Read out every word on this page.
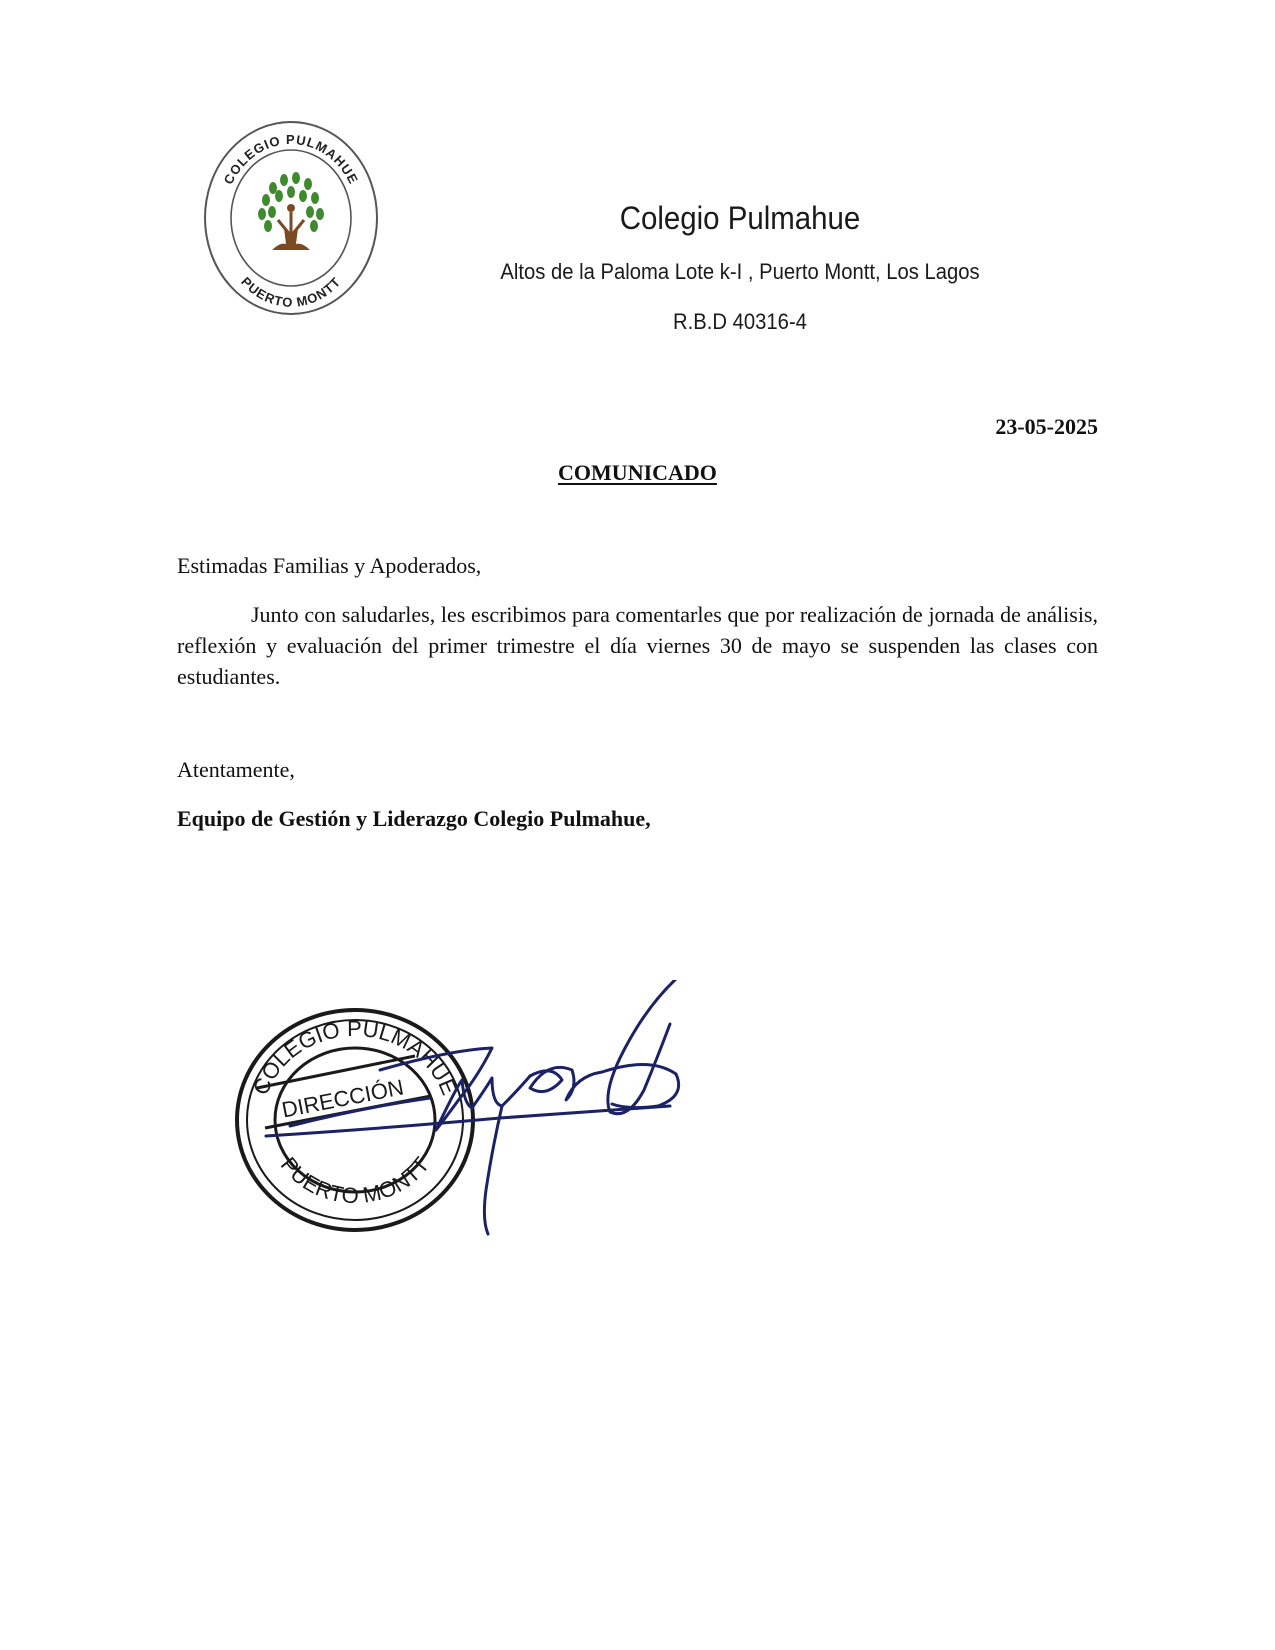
COLEGIO PULMAHUE
PUERTO MONTT
Colegio Pulmahue
Altos de la Paloma Lote k-I , Puerto Montt, Los Lagos
R.B.D 40316-4
23-05-2025
COMUNICADO
Estimadas Familias y Apoderados,

Junto con saludarles, les escribimos para comentarles que por realización de jornada de análisis, reflexión y evaluación del primer trimestre el día viernes 30 de mayo se suspenden las clases con estudiantes.

Atentamente,
Equipo de Gestión y Liderazgo Colegio Pulmahue,
COLEGIO PULMAHUE
PUERTO MONTT
DIRECCIÓN
